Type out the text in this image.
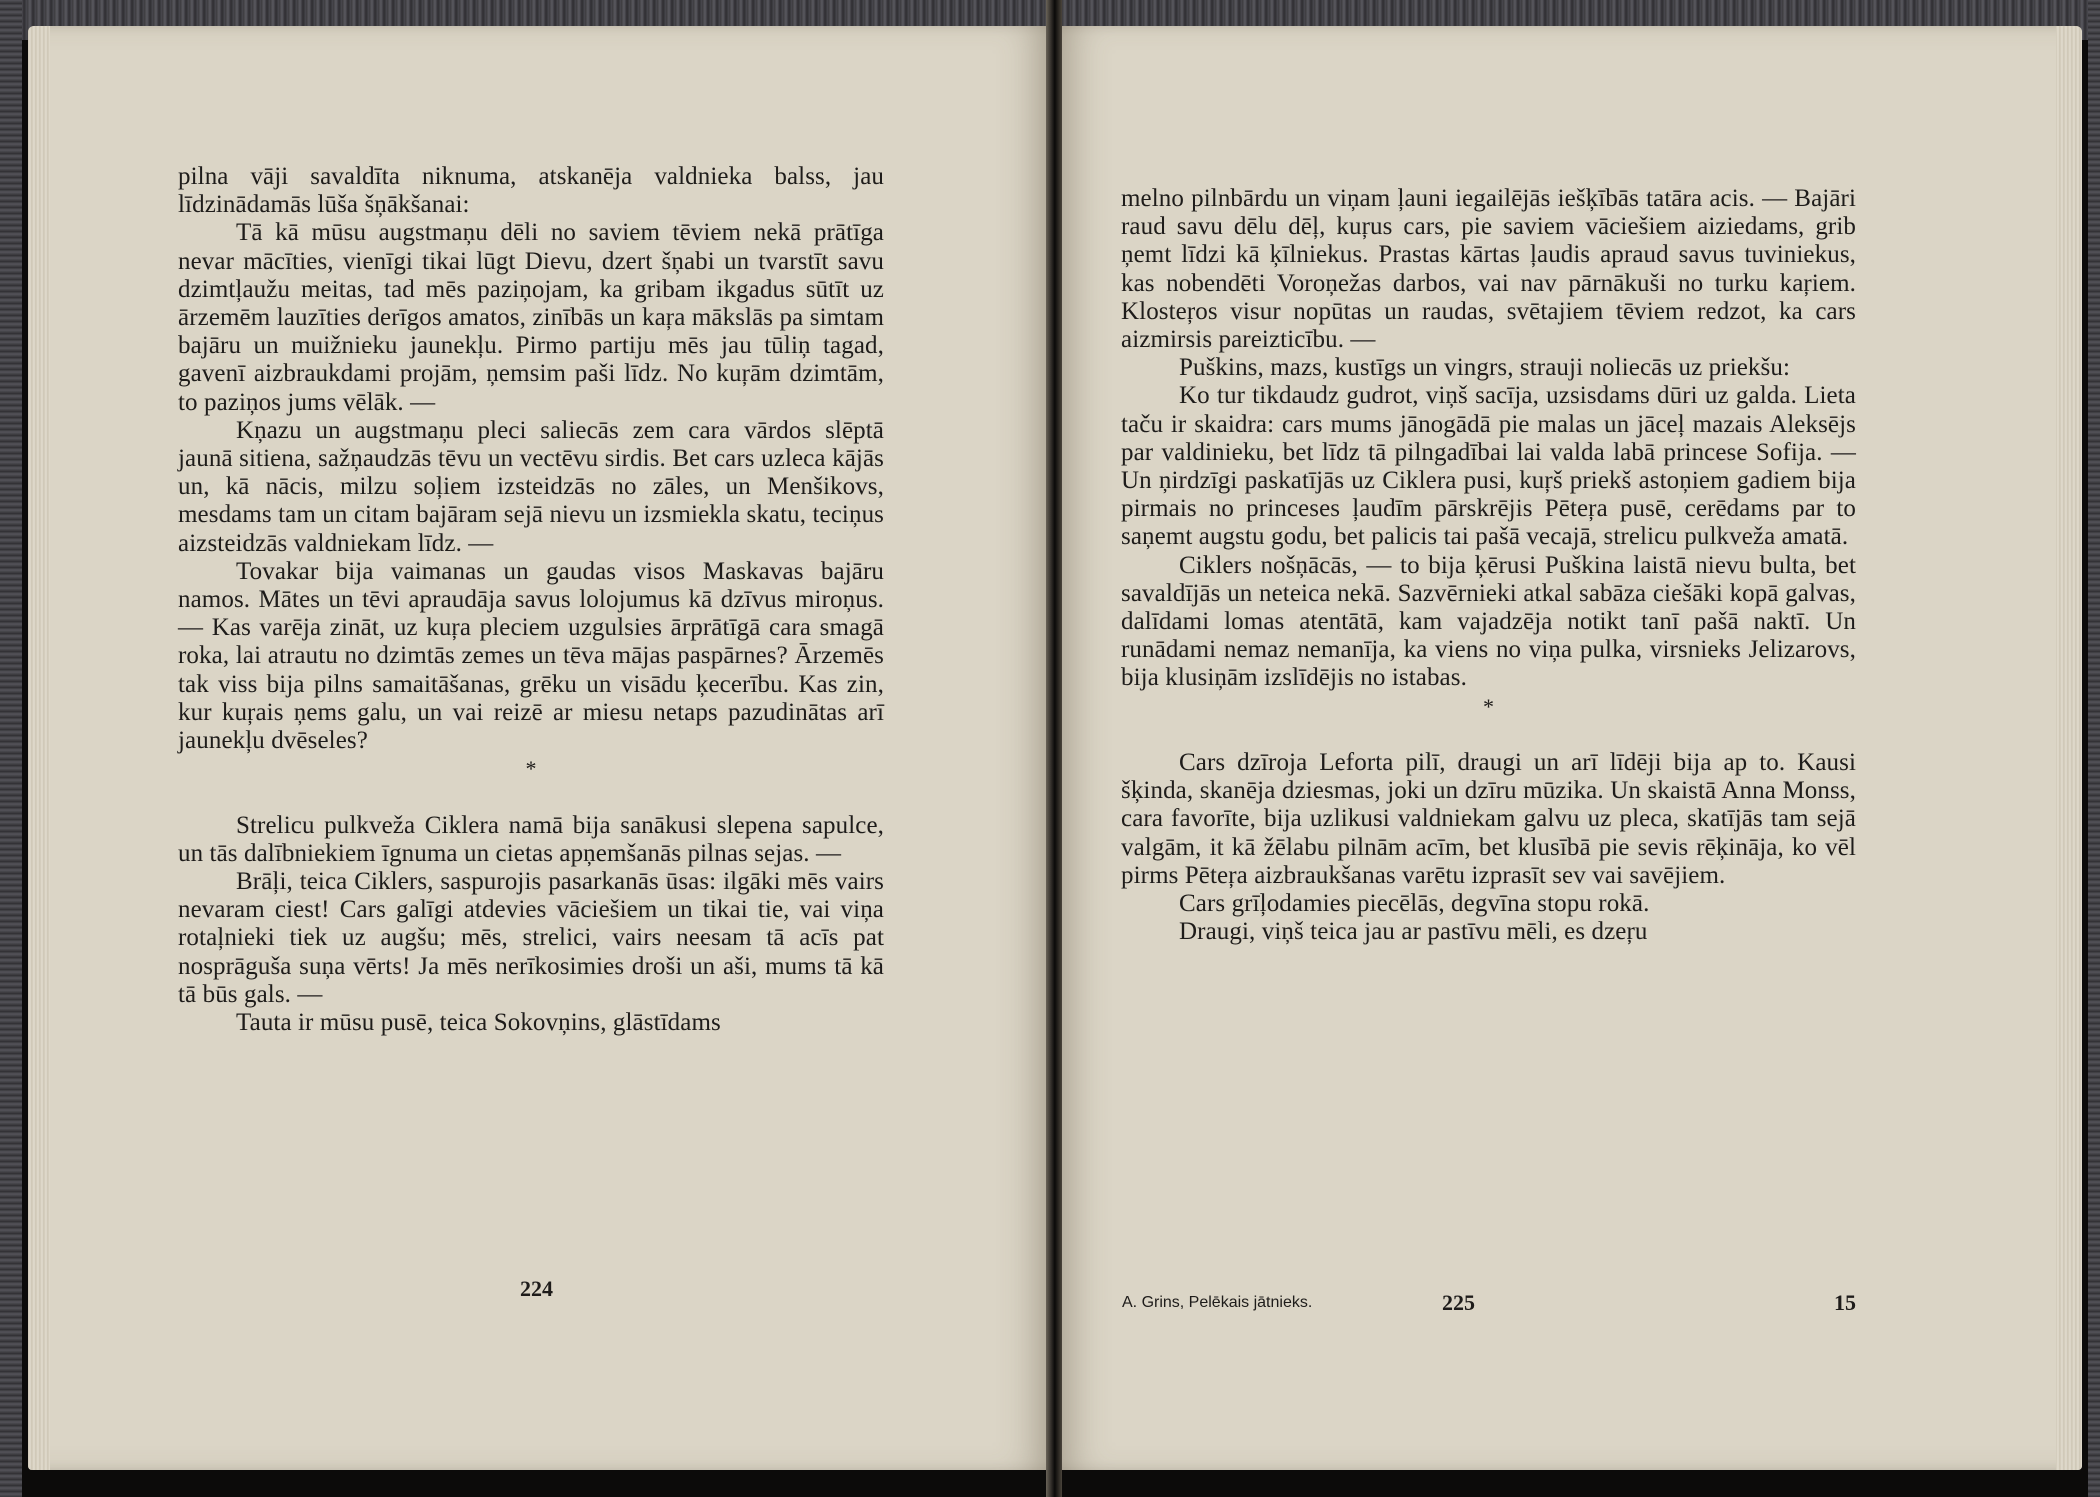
pilna vāji savaldīta niknuma, atskanēja valdnieka balss, jau līdzinādamās lūša šņākšanai:

Tā kā mūsu augstmaņu dēli no saviem tēviem nekā prātīga nevar mācīties, vienīgi tikai lūgt Dievu, dzert šņabi un tvarstīt savu dzimtļaužu meitas, tad mēs paziņojam, ka gribam ikgadus sūtīt uz ārzemēm lauzīties derīgos amatos, zinībās un kaŗa mākslās pa simtam bajāru un muižnieku jaunekļu. Pirmo partiju mēs jau tūliņ tagad, gavenī aizbraukdami projām, ņemsim paši līdz. No kuŗām dzimtām, to paziņos jums vēlāk. —

Kņazu un augstmaņu pleci saliecās zem cara vārdos slēptā jaunā sitiena, sažņaudzās tēvu un vectēvu sirdis. Bet cars uzleca kājās un, kā nācis, milzu soļiem izsteidzās no zāles, un Menšikovs, mesdams tam un citam bajāram sejā nievu un izsmiekla skatu, teciņus aizsteidzās valdniekam līdz. —

Tovakar bija vaimanas un gaudas visos Maskavas bajāru namos. Mātes un tēvi apraudāja savus lolojumus kā dzīvus miroņus. — Kas varēja zināt, uz kuŗa pleciem uzgulsies ārprātīgā cara smagā roka, lai atrautu no dzimtās zemes un tēva mājas paspārnes? Ārzemēs tak viss bija pilns samaitāšanas, grēku un visādu ķecerību. Kas zin, kur kuŗais ņems galu, un vai reizē ar miesu netaps pazudinātas arī jaunekļu dvēseles?

*

Strelicu pulkveža Ciklera namā bija sanākusi slepena sapulce, un tās dalībniekiem īgnuma un cietas apņemšanās pilnas sejas. —

Brāļi, teica Ciklers, saspurojis pasarkanās ūsas: ilgāki mēs vairs nevaram ciest! Cars galīgi atdevies vāciešiem un tikai tie, vai viņa rotaļnieki tiek uz augšu; mēs, strelici, vairs neesam tā acīs pat nosprāguša suņa vērts! Ja mēs nerīkosimies droši un aši, mums tā kā tā būs gals. —

Tauta ir mūsu pusē, teica Sokovņins, glāstīdams

224

melno pilnbārdu un viņam ļauni iegailējās iešķībās tatāra acis. — Bajāri raud savu dēlu dēļ, kuŗus cars, pie saviem vāciešiem aiziedams, grib ņemt līdzi kā ķīlniekus. Prastas kārtas ļaudis apraud savus tuviniekus, kas nobendēti Voroņežas darbos, vai nav pārnākuši no turku kaŗiem. Klosteŗos visur nopūtas un raudas, svētajiem tēviem redzot, ka cars aizmirsis pareizticību. —

Puškins, mazs, kustīgs un vingrs, strauji noliecās uz priekšu:

Ko tur tikdaudz gudrot, viņš sacīja, uzsisdams dūri uz galda. Lieta taču ir skaidra: cars mums jānogādā pie malas un jāceļ mazais Aleksējs par valdinieku, bet līdz tā pilngadībai lai valda labā princese Sofija. — Un ņirdzīgi paskatījās uz Ciklera pusi, kuŗš priekš astoņiem gadiem bija pirmais no princeses ļaudīm pārskrējis Pēteŗa pusē, cerēdams par to saņemt augstu godu, bet palicis tai pašā vecajā, strelicu pulkveža amatā.

Ciklers nošņācās, — to bija ķērusi Puškina laistā nievu bulta, bet savaldījās un neteica nekā. Sazvērnieki atkal sabāza ciešāki kopā galvas, dalīdami lomas atentātā, kam vajadzēja notikt tanī pašā naktī. Un runādami nemaz nemanīja, ka viens no viņa pulka, virsnieks Jelizarovs, bija klusiņām izslīdējis no istabas.

*

Cars dzīroja Leforta pilī, draugi un arī līdēji bija ap to. Kausi šķinda, skanēja dziesmas, joki un dzīru mūzika. Un skaistā Anna Monss, cara favorīte, bija uzlikusi valdniekam galvu uz pleca, skatījās tam sejā valgām, it kā žēlabu pilnām acīm, bet klusībā pie sevis rēķināja, ko vēl pirms Pēteŗa aizbraukšanas varētu izprasīt sev vai savējiem.

Cars grīļodamies piecēlās, degvīna stopu rokā.

Draugi, viņš teica jau ar pastīvu mēli, es dzeŗu

A. Grins, Pelēkais jātnieks.	225	15
